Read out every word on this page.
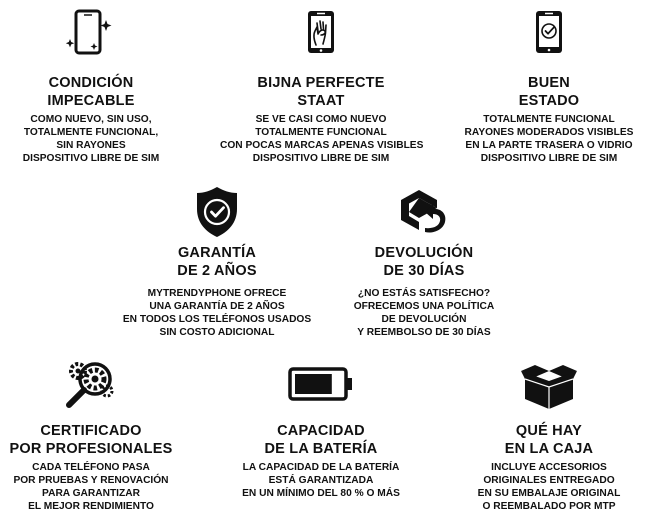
CONDICIÓN
IMPECABLE
COMO NUEVO, SIN USO,
TOTALMENTE FUNCIONAL,
SIN RAYONES
DISPOSITIVO LIBRE DE SIM
BIJNA PERFECTE
STAAT
SE VE CASI COMO NUEVO
TOTALMENTE FUNCIONAL
CON POCAS MARCAS APENAS VISIBLES
DISPOSITIVO LIBRE DE SIM
BUEN
ESTADO
TOTALMENTE FUNCIONAL
RAYONES MODERADOS VISIBLES
EN LA PARTE TRASERA O VIDRIO
DISPOSITIVO LIBRE DE SIM
GARANTÍA
DE 2 AÑOS
MYTRENDYPHONE OFRECE
UNA GARANTÍA DE 2 AÑOS
EN TODOS LOS TELÉFONOS USADOS
SIN COSTO ADICIONAL
DEVOLUCIÓN
DE 30 DÍAS
¿NO ESTÁS SATISFECHO?
OFRECEMOS UNA POLÍTICA
DE DEVOLUCIÓN
Y REEMBOLSO DE 30 DÍAS
CERTIFICADO
POR PROFESIONALES
CADA TELÉFONO PASA
POR PRUEBAS Y RENOVACIÓN
PARA GARANTIZAR
EL MEJOR RENDIMIENTO
CAPACIDAD
DE LA BATERÍA
LA CAPACIDAD DE LA BATERÍA
ESTÁ GARANTIZADA
EN UN MÍNIMO DEL 80 % O MÁS
QUÉ HAY
EN LA CAJA
INCLUYE ACCESORIOS
ORIGINALES ENTREGADO
EN SU EMBALAJE ORIGINAL
O REEMBALADO POR MTP
